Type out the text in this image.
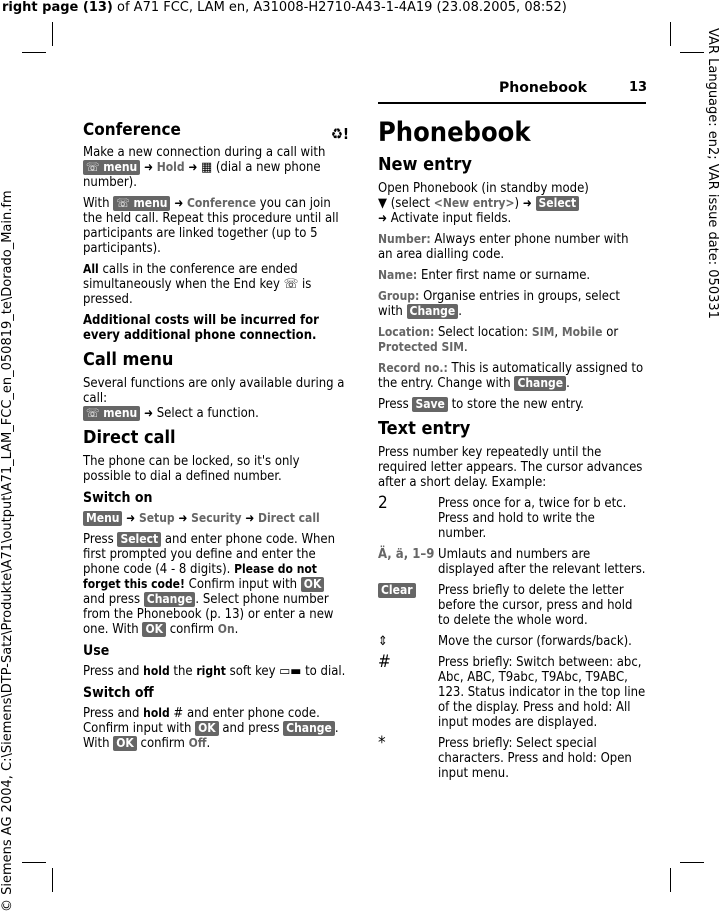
right page (13) of A71 FCC, LAM en, A31008-H2710-A43-1-4A19 (23.08.2005, 08:52)
VAR Language: en2; VAR issue date: 050331
© Siemens AG 2004, C:\Siemens\DTP-Satz\Produkte\A71\output\A71_LAM_FCC_en_050819_te\Dorado_Main.fm
Phonebook	13
Conference	♻!

Make a new connection during a call with ☏ menu ➜ Hold ➜ ▦ (dial a new phone number).

With ☏ menu ➜ Conference you can join the held call. Repeat this procedure until all participants are linked together (up to 5 participants).

All calls in the conference are ended simultaneously when the End key ☏ is pressed.

Additional costs will be incurred for every additional phone connection.

Call menu

Several functions are only available during a call:
☏ menu ➜ Select a function.

Direct call

The phone can be locked, so it's only possible to dial a defined number.

Switch on

Menu ➜ Setup ➜ Security ➜ Direct call

Press Select and enter phone code. When first prompted you define and enter the phone code (4 - 8 digits). Please do not forget this code! Confirm input with OK and press Change . Select phone number from the Phonebook (p. 13) or enter a new one. With OK confirm On.

Use

Press and hold the right soft key ▭▬ to dial.

Switch off

Press and hold # and enter phone code. Confirm input with OK and press Change . With OK confirm Off.

Phonebook
New entry

Open Phonebook (in standby mode)
▼ (select <New entry>) ➜ Select
➜ Activate input fields.

Number: Always enter phone number with an area dialling code.

Name: Enter first name or surname.

Group: Organise entries in groups, select with Change .

Location: Select location: SIM, Mobile or Protected SIM.

Record no.: This is automatically assigned to the entry. Change with Change .

Press Save to store the new entry.

Text entry

Press number key repeatedly until the required letter appears. The cursor advances after a short delay. Example:

2	Press once for a, twice for b etc. Press and hold to write the number.
Ä, ä, 1–9 Umlauts and numbers are displayed after the relevant letters.
Clear	Press briefly to delete the letter before the cursor, press and hold to delete the whole word.
⇕	Move the cursor (forwards/back).
#	Press briefly: Switch between: abc, Abc, ABC, T9abc, T9Abc, T9ABC, 123. Status indicator in the top line of the display. Press and hold: All input modes are displayed.
*	Press briefly: Select special characters. Press and hold: Open input menu.
